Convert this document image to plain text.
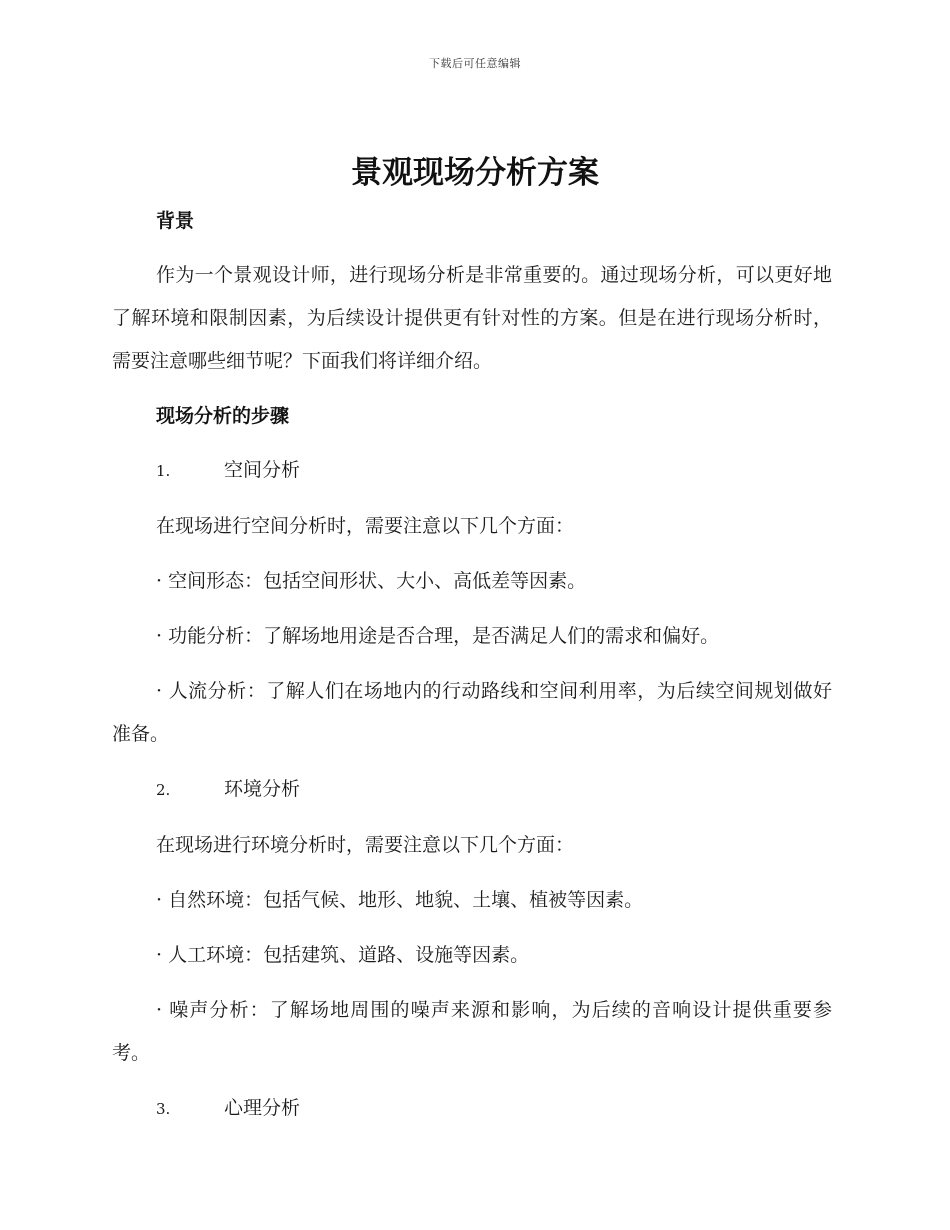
下载后可任意编辑
景观现场分析方案
背景

作为一个景观设计师，进行现场分析是非常重要的。通过现场分析，可以更好地了解环境和限制因素，为后续设计提供更有针对性的方案。但是在进行现场分析时，需要注意哪些细节呢？下面我们将详细介绍。

现场分析的步骤

1.	空间分析

在现场进行空间分析时，需要注意以下几个方面：

· 空间形态：包括空间形状、大小、高低差等因素。

· 功能分析：了解场地用途是否合理，是否满足人们的需求和偏好。

· 人流分析：了解人们在场地内的行动路线和空间利用率，为后续空间规划做好准备。

2.	环境分析

在现场进行环境分析时，需要注意以下几个方面：

· 自然环境：包括气候、地形、地貌、土壤、植被等因素。

· 人工环境：包括建筑、道路、设施等因素。

· 噪声分析：了解场地周围的噪声来源和影响，为后续的音响设计提供重要参考。

3.	心理分析
